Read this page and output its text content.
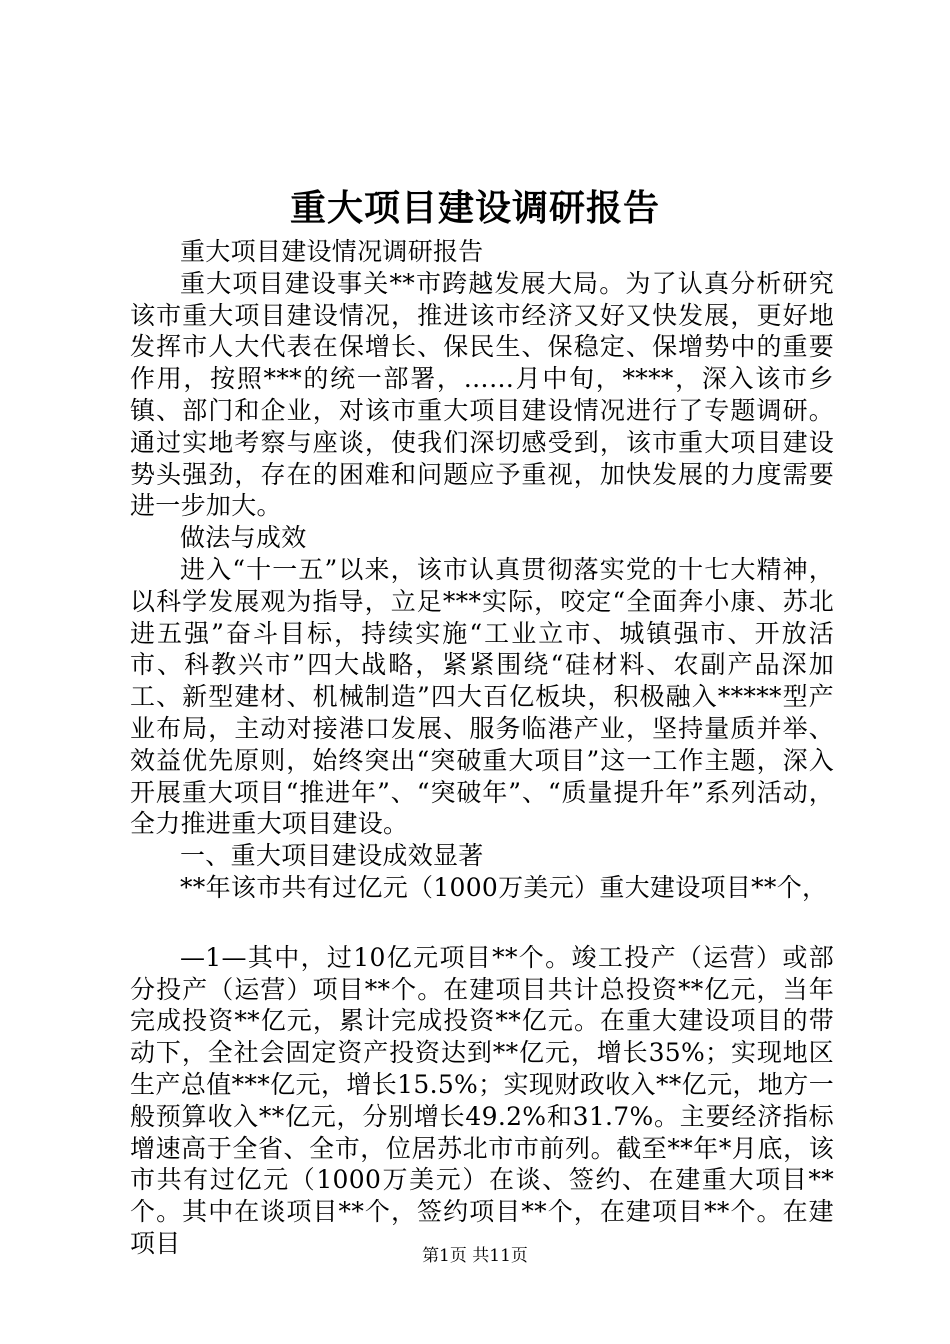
重大项目建设调研报告

重大项目建设情况调研报告

重大项目建设事关**市跨越发展大局。为了认真分析研究该市重大项目建设情况，推进该市经济又好又快发展，更好地发挥市人大代表在保增长、保民生、保稳定、保增势中的重要作用，按照***的统一部署，……月中旬，****，深入该市乡镇、部门和企业，对该市重大项目建设情况进行了专题调研。通过实地考察与座谈，使我们深切感受到，该市重大项目建设势头强劲，存在的困难和问题应予重视，加快发展的力度需要进一步加大。

做法与成效

进入“十一五”以来，该市认真贯彻落实党的十七大精神，以科学发展观为指导，立足***实际，咬定“全面奔小康、苏北进五强”奋斗目标，持续实施“工业立市、城镇强市、开放活市、科教兴市”四大战略，紧紧围绕“硅材料、农副产品深加工、新型建材、机械制造”四大百亿板块，积极融入*****型产业布局，主动对接港口发展、服务临港产业，坚持量质并举、效益优先原则，始终突出“突破重大项目”这一工作主题，深入开展重大项目“推进年”、“突破年”、“质量提升年”系列活动，全力推进重大项目建设。

一、重大项目建设成效显著

**年该市共有过亿元（1000万美元）重大建设项目**个，

—1—其中，过10亿元项目**个。竣工投产（运营）或部分投产（运营）项目**个。在建项目共计总投资**亿元，当年完成投资**亿元，累计完成投资**亿元。在重大建设项目的带动下，全社会固定资产投资达到**亿元，增长35%；实现地区生产总值***亿元，增长15.5%；实现财政收入**亿元，地方一般预算收入**亿元，分别增长49.2%和31.7%。主要经济指标增速高于全省、全市，位居苏北市市前列。截至**年*月底，该市共有过亿元（1000万美元）在谈、签约、在建重大项目**个。其中在谈项目**个，签约项目**个，在建项目**个。在建项目	第1页 共11页
